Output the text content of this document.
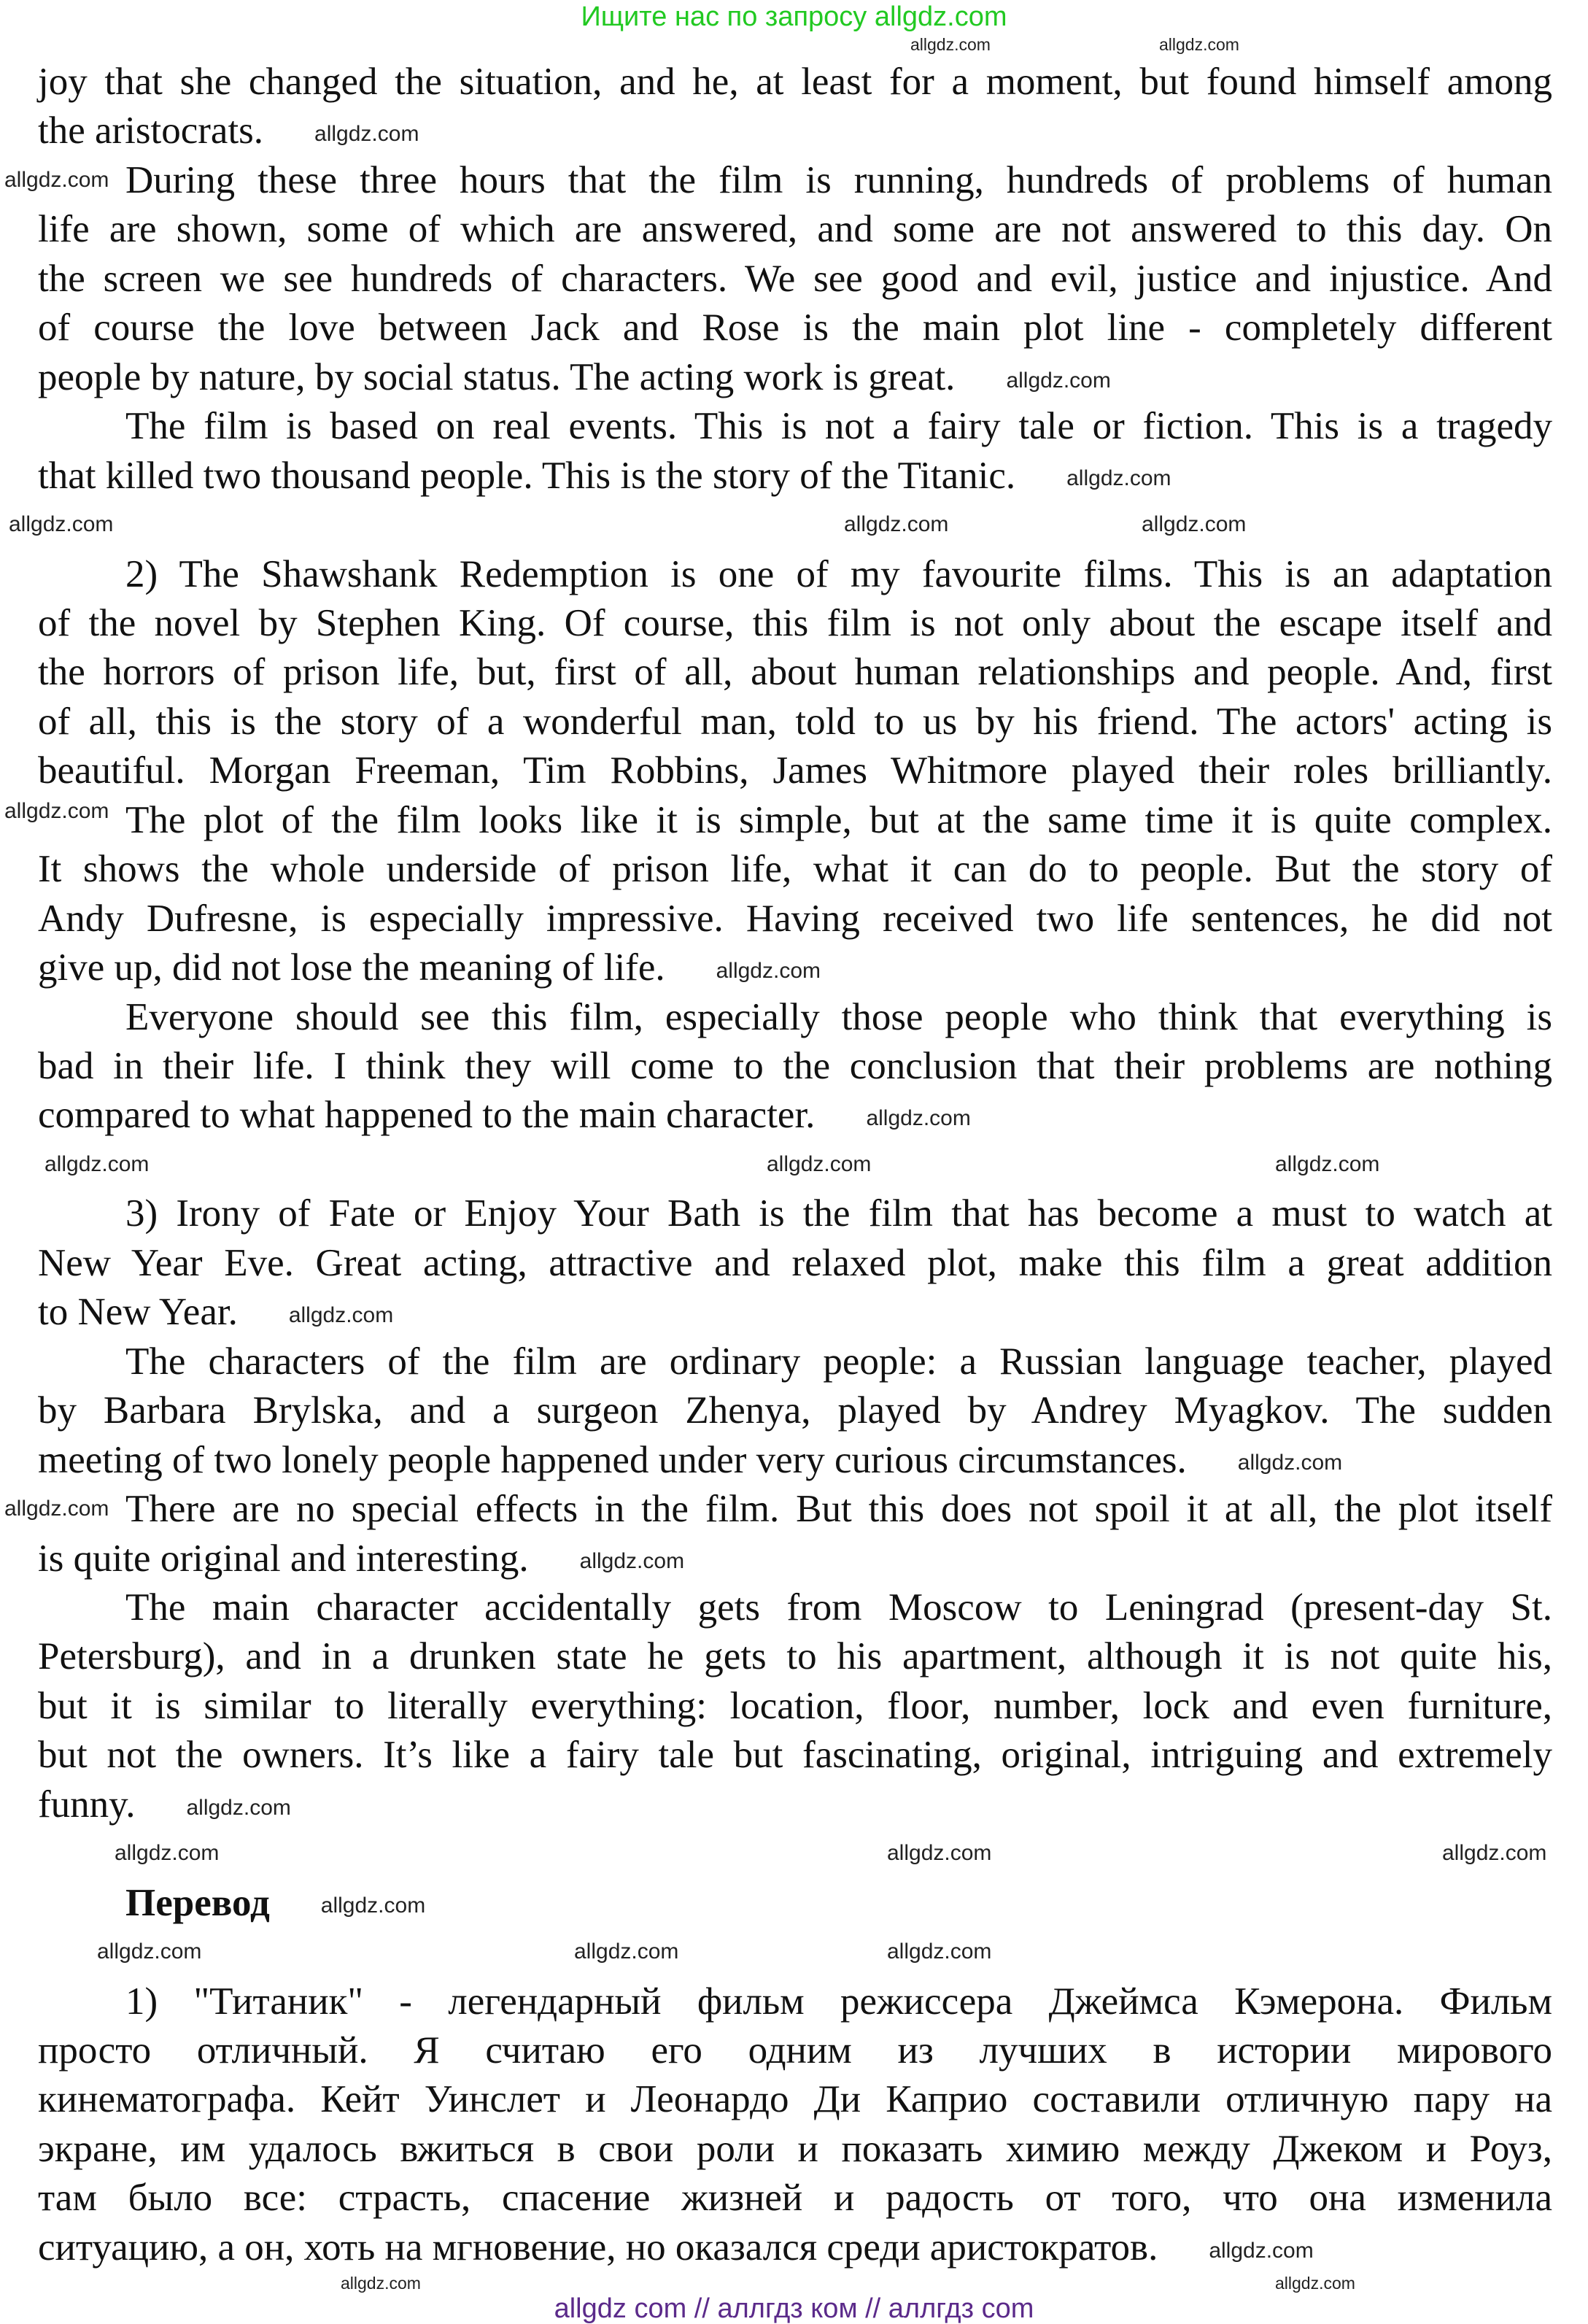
Ищите нас по запросу allgdz.com
joy that she changed the situation, and he, at least for a moment, but found himself among
the aristocrats. allgdz.com
During these three hours that the film is running, hundreds of problems of human
life are shown, some of which are answered, and some are not answered to this day. On
the screen we see hundreds of characters. We see good and evil, justice and injustice. And
of course the love between Jack and Rose is the main plot line - completely different
people by nature, by social status. The acting work is great. allgdz.com
The film is based on real events. This is not a fairy tale or fiction. This is a tragedy
that killed two thousand people. This is the story of the Titanic. allgdz.com
2) The Shawshank Redemption is one of my favourite films. This is an adaptation
of the novel by Stephen King. Of course, this film is not only about the escape itself and
the horrors of prison life, but, first of all, about human relationships and people. And, first
of all, this is the story of a wonderful man, told to us by his friend. The actors' acting is
beautiful. Morgan Freeman, Tim Robbins, James Whitmore played their roles brilliantly.
The plot of the film looks like it is simple, but at the same time it is quite complex.
It shows the whole underside of prison life, what it can do to people. But the story of
Andy Dufresne, is especially impressive. Having received two life sentences, he did not
give up, did not lose the meaning of life. allgdz.com
Everyone should see this film, especially those people who think that everything is
bad in their life. I think they will come to the conclusion that their problems are nothing
compared to what happened to the main character. allgdz.com
3) Irony of Fate or Enjoy Your Bath is the film that has become a must to watch at
New Year Eve. Great acting, attractive and relaxed plot, make this film a great addition
to New Year. allgdz.com
The characters of the film are ordinary people: a Russian language teacher, played
by Barbara Brylska, and a surgeon Zhenya, played by Andrey Myagkov. The sudden
meeting of two lonely people happened under very curious circumstances. allgdz.com
There are no special effects in the film. But this does not spoil it at all, the plot itself
is quite original and interesting. allgdz.com
The main character accidentally gets from Moscow to Leningrad (present-day St.
Petersburg), and in a drunken state he gets to his apartment, although it is not quite his,
but it is similar to literally everything: location, floor, number, lock and even furniture,
but not the owners. It’s like a fairy tale but fascinating, original, intriguing and extremely
funny. allgdz.com
Перевод allgdz.com
1) "Титаник" - легендарный фильм режиссера Джеймса Кэмерона. Фильм
просто отличный. Я считаю его одним из лучших в истории мирового
кинематографа. Кейт Уинслет и Леонардо Ди Каприо составили отличную пару на
экране, им удалось вжиться в свои роли и показать химию между Джеком и Роуз,
там было все: страсть, спасение жизней и радость от того, что она изменила
ситуацию, а он, хоть на мгновение, но оказался среди аристократов. allgdz.com
allgdz.com	allgdz.com
allgdz.com
allgdz.com
allgdz.com
allgdz.com	allgdz.com	allgdz.com
allgdz.com	allgdz.com	allgdz.com
allgdz.com	allgdz.com	allgdz.com
allgdz.com	allgdz.com	allgdz.com
allgdz.com	allgdz.com
allgdz com // аллгдз ком // аллгдз com
